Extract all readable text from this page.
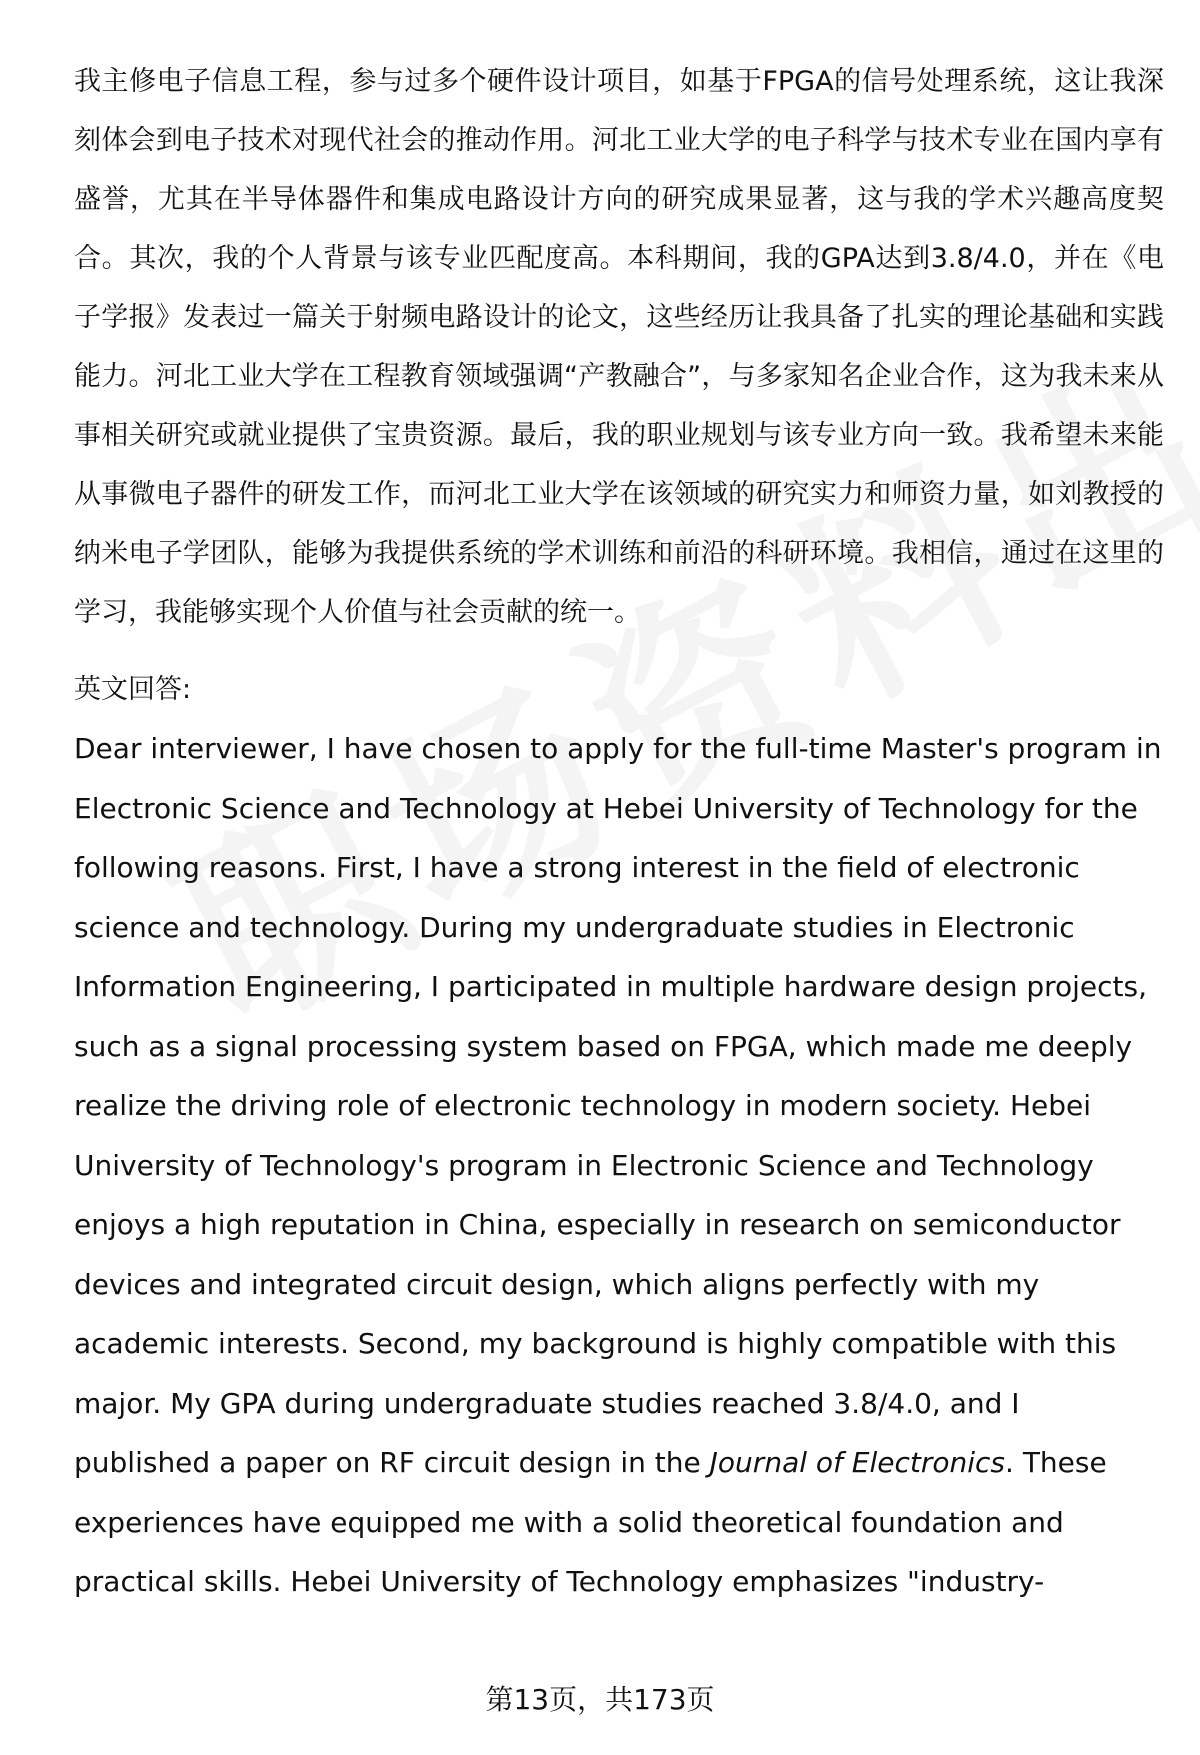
我主修电子信息工程，参与过多个硬件设计项目，如基于FPGA的信号处理系统，这让我深刻体会到电子技术对现代社会的推动作用。河北工业大学的电子科学与技术专业在国内享有盛誉，尤其在半导体器件和集成电路设计方向的研究成果显著，这与我的学术兴趣高度契合。其次，我的个人背景与该专业匹配度高。本科期间，我的GPA达到3.8/4.0，并在《电子学报》发表过一篇关于射频电路设计的论文，这些经历让我具备了扎实的理论基础和实践能力。河北工业大学在工程教育领域强调“产教融合”，与多家知名企业合作，这为我未来从事相关研究或就业提供了宝贵资源。最后，我的职业规划与该专业方向一致。我希望未来能从事微电子器件的研发工作，而河北工业大学在该领域的研究实力和师资力量，如刘教授的纳米电子学团队，能够为我提供系统的学术训练和前沿的科研环境。我相信，通过在这里的学习，我能够实现个人价值与社会贡献的统一。

英文回答:

Dear interviewer, I have chosen to apply for the full-time Master's program in Electronic Science and Technology at Hebei University of Technology for the following reasons. First, I have a strong interest in the field of electronic science and technology. During my undergraduate studies in Electronic Information Engineering, I participated in multiple hardware design projects, such as a signal processing system based on FPGA, which made me deeply realize the driving role of electronic technology in modern society. Hebei University of Technology's program in Electronic Science and Technology enjoys a high reputation in China, especially in research on semiconductor devices and integrated circuit design, which aligns perfectly with my academic interests. Second, my background is highly compatible with this major. My GPA during undergraduate studies reached 3.8/4.0, and I published a paper on RF circuit design in the Journal of Electronics. These experiences have equipped me with a solid theoretical foundation and practical skills. Hebei University of Technology emphasizes "industry-

第13页，共173页
